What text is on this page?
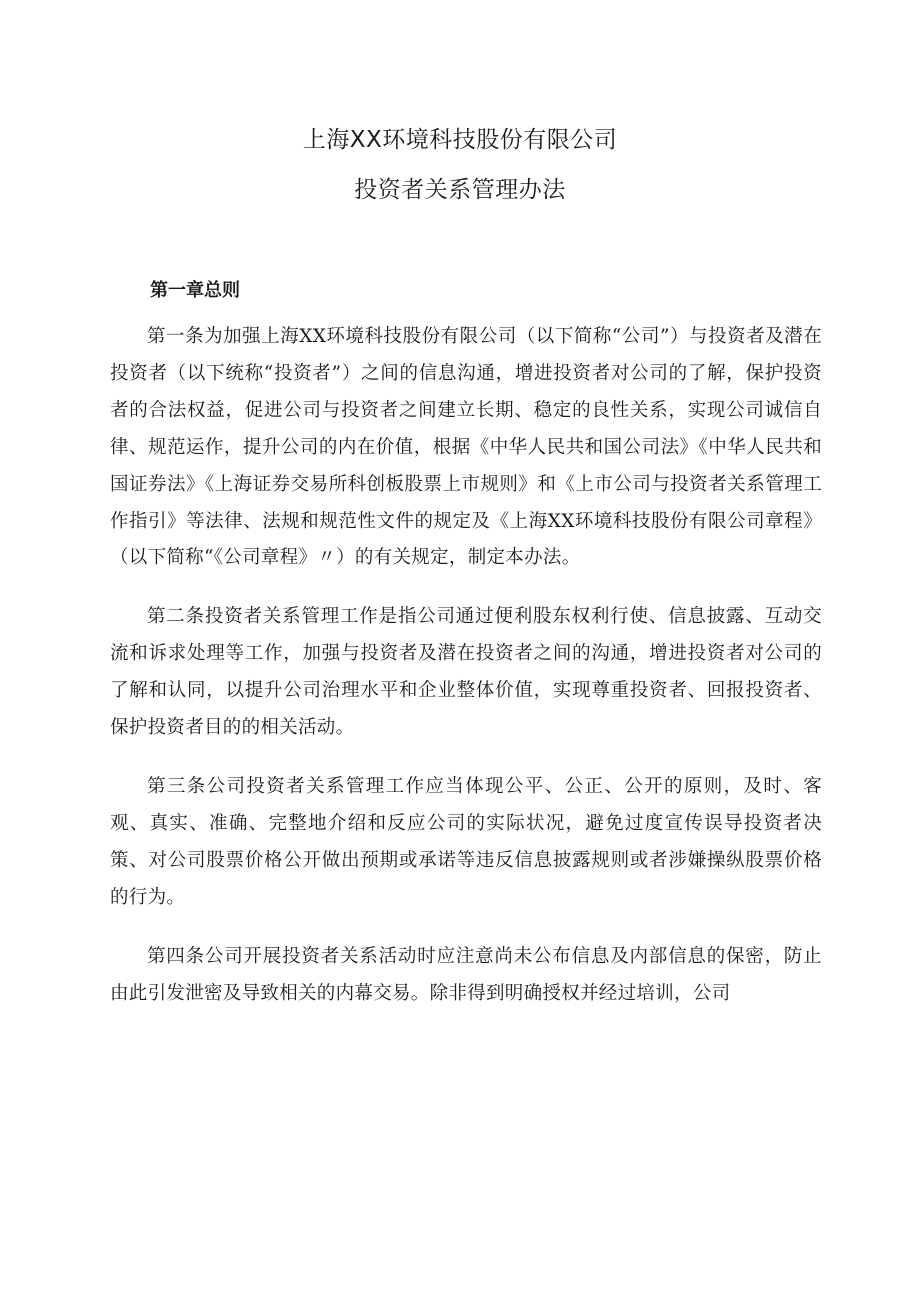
上海XX环境科技股份有限公司
投资者关系管理办法
第一章总则

第一条为加强上海XX环境科技股份有限公司（以下简称“公司”）与投资者及潜在投资者（以下统称“投资者”）之间的信息沟通，增进投资者对公司的了解，保护投资者的合法权益，促进公司与投资者之间建立长期、稳定的良性关系，实现公司诚信自律、规范运作，提升公司的内在价值，根据《中华人民共和国公司法》《中华人民共和国证券法》《上海证券交易所科创板股票上市规则》和《上市公司与投资者关系管理工作指引》等法律、法规和规范性文件的规定及《上海XX环境科技股份有限公司章程》（以下简称“《公司章程》〃）的有关规定，制定本办法。

第二条投资者关系管理工作是指公司通过便利股东权利行使、信息披露、互动交流和诉求处理等工作，加强与投资者及潜在投资者之间的沟通，增进投资者对公司的了解和认同，以提升公司治理水平和企业整体价值，实现尊重投资者、回报投资者、保护投资者目的的相关活动。

第三条公司投资者关系管理工作应当体现公平、公正、公开的原则，及时、客观、真实、准确、完整地介绍和反应公司的实际状况，避免过度宣传误导投资者决策、对公司股票价格公开做出预期或承诺等违反信息披露规则或者涉嫌操纵股票价格的行为。

第四条公司开展投资者关系活动时应注意尚未公布信息及内部信息的保密，防止由此引发泄密及导致相关的内幕交易。除非得到明确授权并经过培训，公司
